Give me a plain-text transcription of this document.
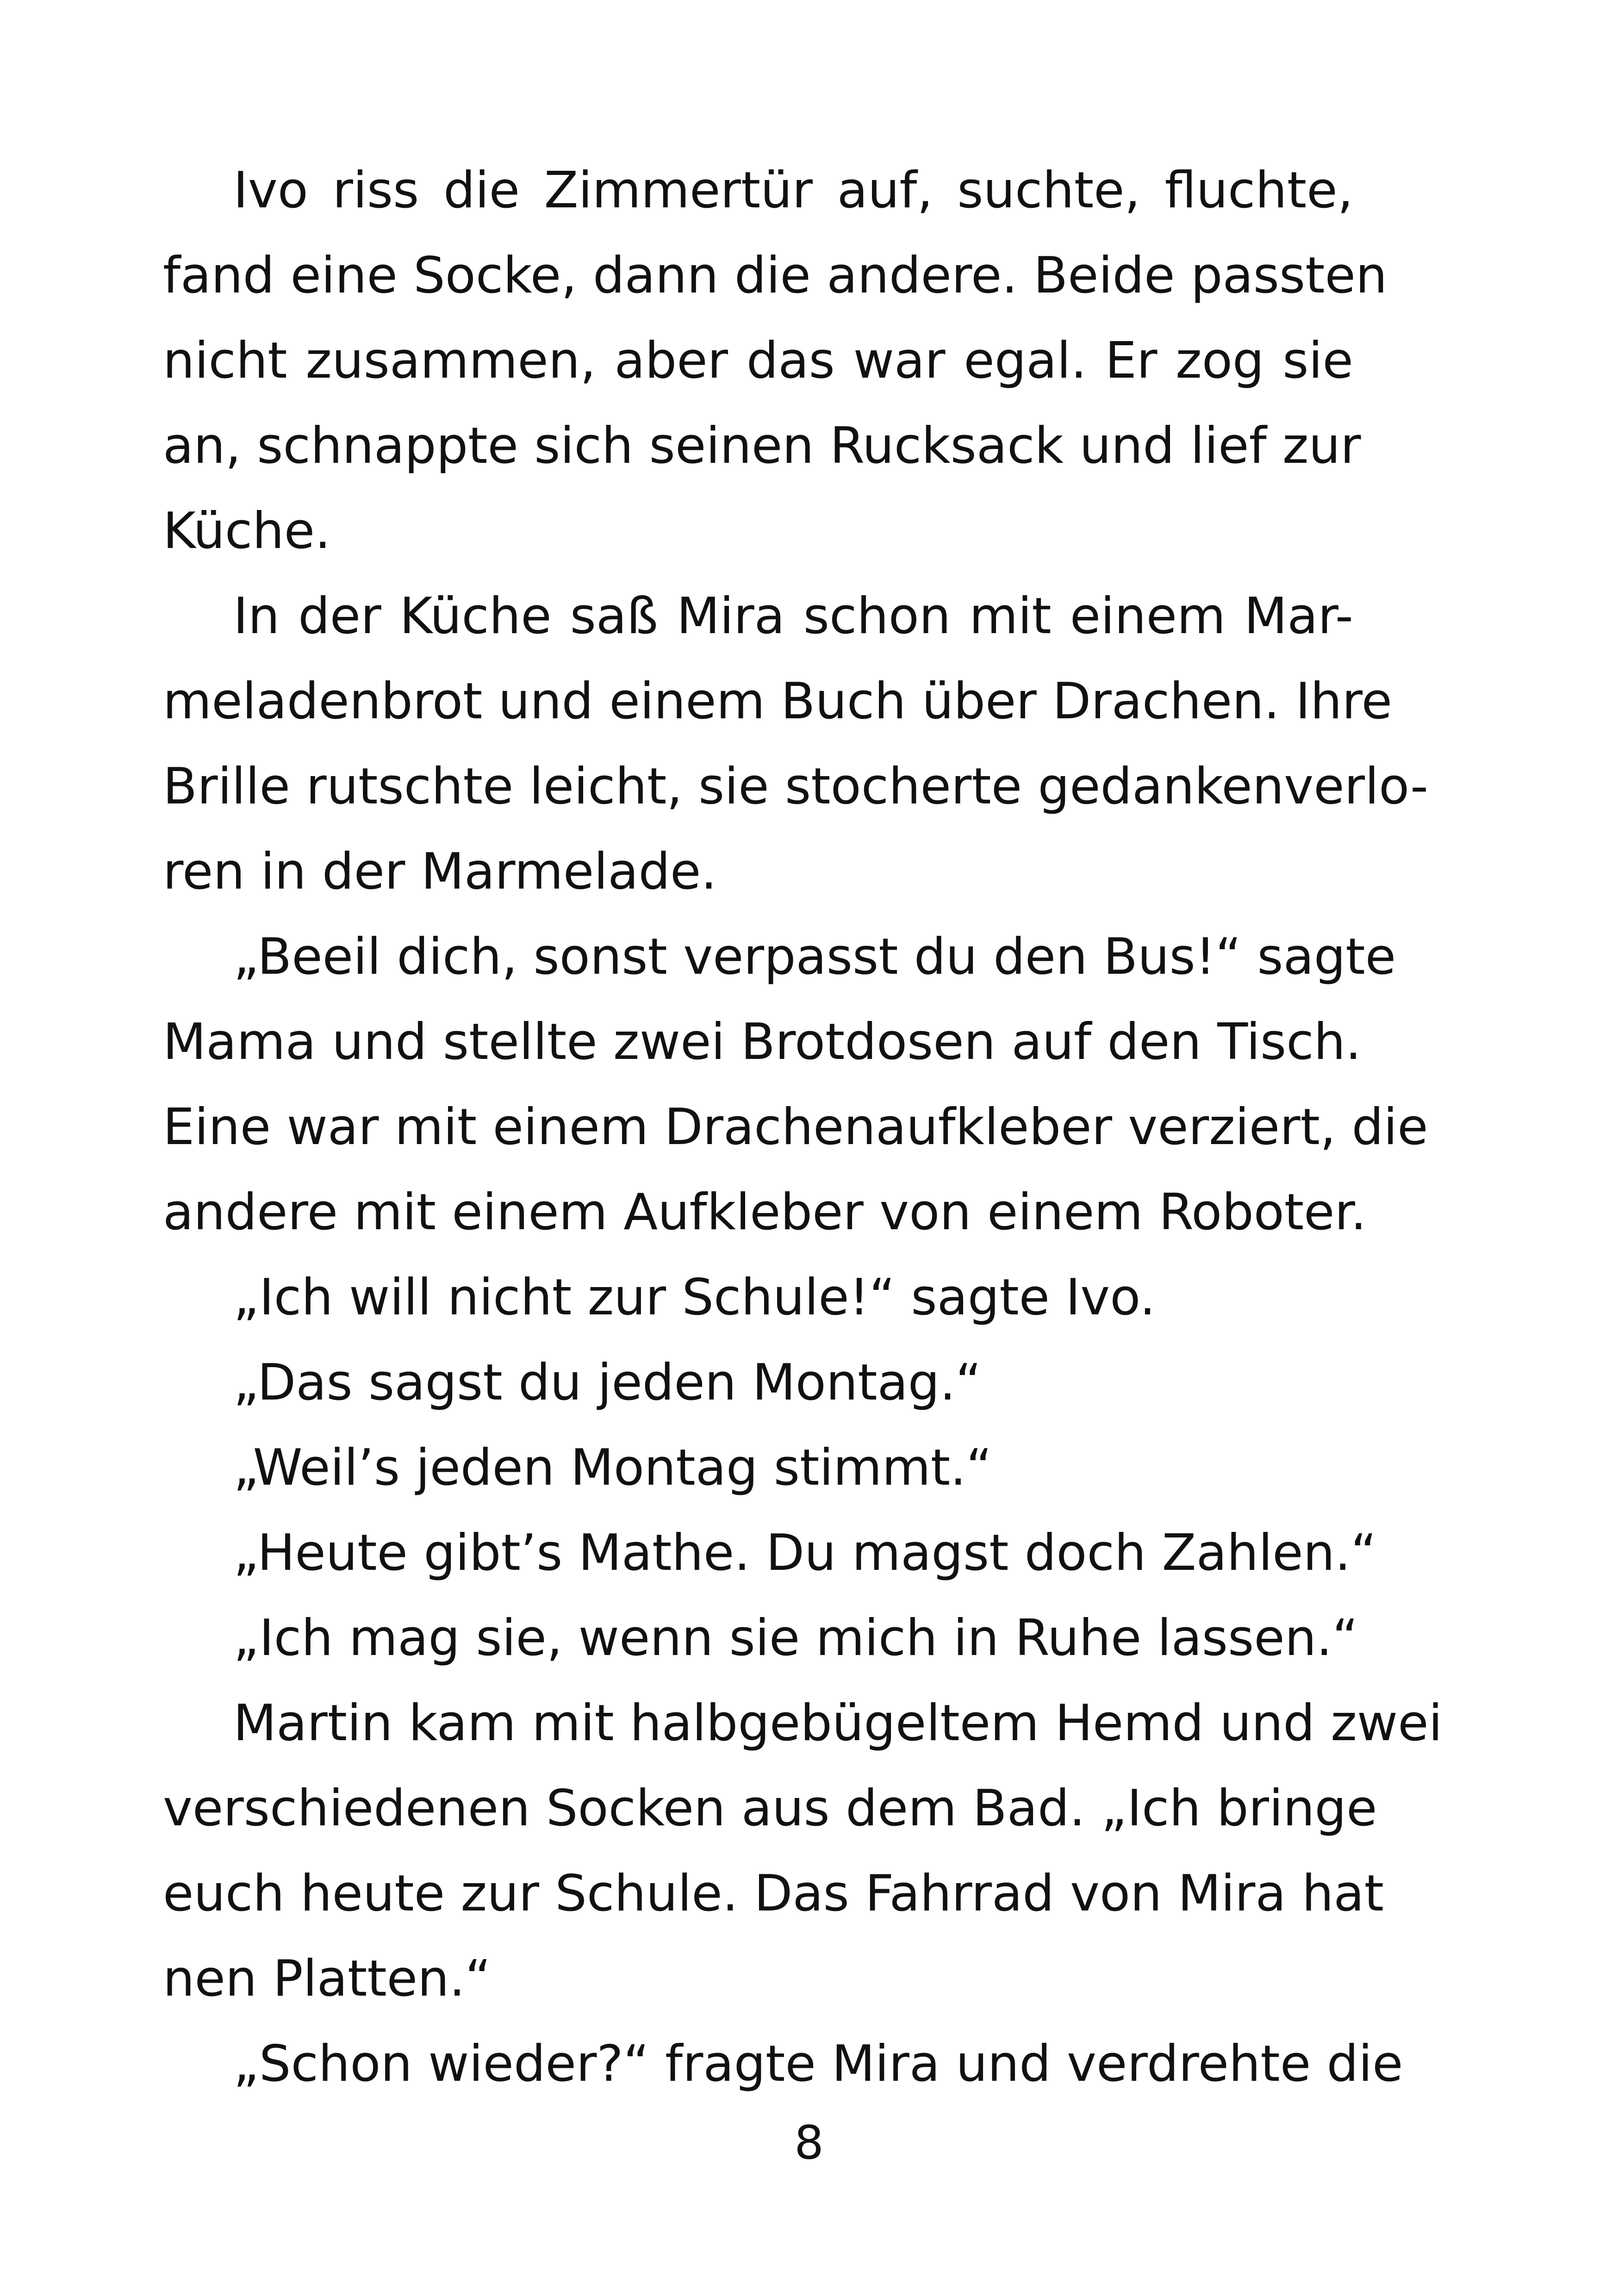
Ivo riss die Zimmertür auf, suchte, fluchte,
fand eine Socke, dann die andere. Beide passten
nicht zusammen, aber das war egal. Er zog sie
an, schnappte sich seinen Rucksack und lief zur
Küche.
In der Küche saß Mira schon mit einem Mar-
meladenbrot und einem Buch über Drachen. Ihre
Brille rutschte leicht, sie stocherte gedankenverlo-
ren in der Marmelade.
„Beeil dich, sonst verpasst du den Bus!“ sagte
Mama und stellte zwei Brotdosen auf den Tisch.
Eine war mit einem Drachenaufkleber verziert, die
andere mit einem Aufkleber von einem Roboter.
„Ich will nicht zur Schule!“ sagte Ivo.
„Das sagst du jeden Montag.“
„Weil’s jeden Montag stimmt.“
„Heute gibt’s Mathe. Du magst doch Zahlen.“
„Ich mag sie, wenn sie mich in Ruhe lassen.“
Martin kam mit halbgebügeltem Hemd und zwei
verschiedenen Socken aus dem Bad. „Ich bringe
euch heute zur Schule. Das Fahrrad von Mira hat
nen Platten.“
„Schon wieder?“ fragte Mira und verdrehte die
8
